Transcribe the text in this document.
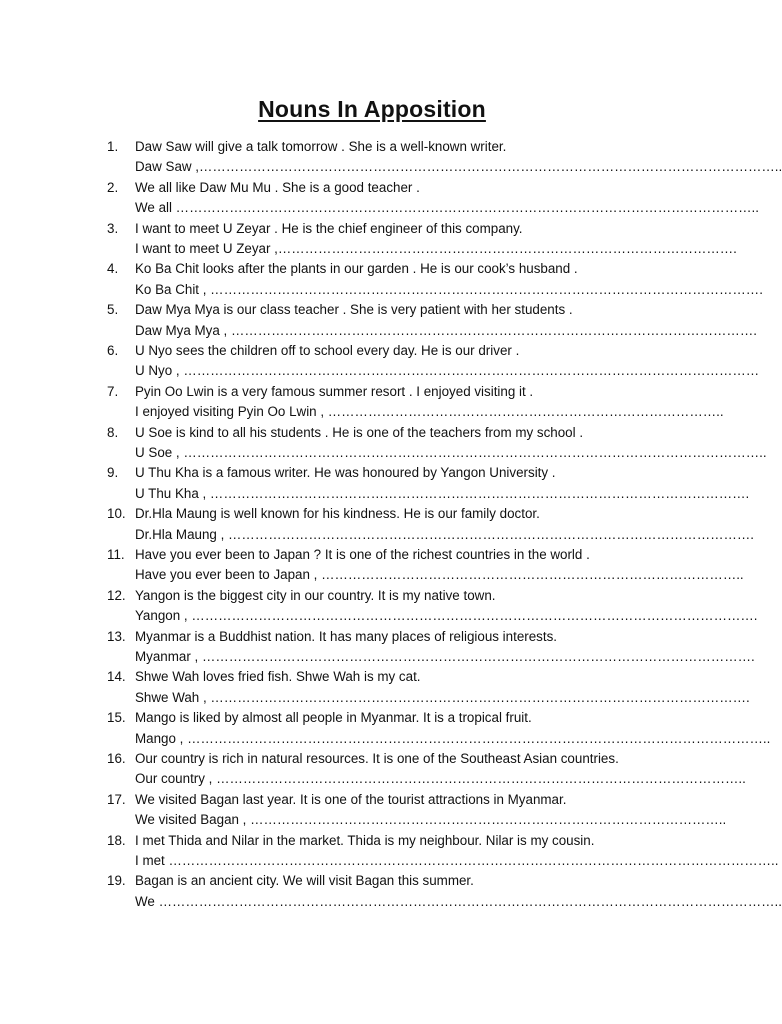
Nouns In Apposition
1.	Daw Saw will give a talk tomorrow . She is a well-known writer.
Daw Saw ,…………………………………………………………………………………………………………………..
2.	We all like Daw Mu Mu . She is a good teacher .
We all …………………………………………………………………………………………………………………..
3.	I want to meet U Zeyar . He is the chief engineer of this company.
I want to meet U Zeyar ,………………………………………………………………………………………….
4.	Ko Ba Chit looks after the plants in our garden . He is our cook’s husband .
Ko Ba Chit , …………………………………………………………………………………………………………….
5.	Daw Mya Mya is our class teacher . She is very patient with her students .
Daw Mya Mya , ……………………………………………………………………………………………………….
6.	U Nyo sees the children off to school every day. He is our driver .
U Nyo , …………………………………………………………………………………………………………………
7.	Pyin Oo Lwin is a very famous summer resort . I enjoyed visiting it .
I enjoyed visiting Pyin Oo Lwin , ……………………………………………………………………………..
8.	U Soe is kind to all his students . He is one of the teachers from my school .
U Soe , …………………………………………………………………………………………………………………..
9.	U Thu Kha is a famous writer. He was honoured by Yangon University .
U Thu Kha , ………………………………………………………………………………………………………….
10. Dr.Hla Maung is well known for his kindness. He is our family doctor.
Dr.Hla Maung , ……………………………………………………………………………………………………….
11. Have you ever been to Japan ? It is one of the richest countries in the world .
Have you ever been to Japan , …………………………………………………………………………………..
12. Yangon is the biggest city in our country. It is my native town.
Yangon , ……………………………………………………………………………………………………………….
13. Myanmar is a Buddhist nation. It has many places of religious interests.
Myanmar , …………………………………………………………………………………………………………….
14. Shwe Wah loves fried fish. Shwe Wah is my cat.
Shwe Wah , ………………………………………………………………………………………………………….
15. Mango is liked by almost all people in Myanmar. It is a tropical fruit.
Mango , …………………………………………………………………………………………………………………..
16. Our country is rich in natural resources. It is one of the Southeast Asian countries.
Our country , ………………………………………………………………………………………………………..
17. We visited Bagan last year. It is one of the tourist attractions in Myanmar.
We visited Bagan , ……………………………………………………………………………………………..
18. I met Thida and Nilar in the market. Thida is my neighbour. Nilar is my cousin.
I met ………………………………………………………………………………………………………………………..
19. Bagan is an ancient city. We will visit Bagan this summer.
We …………………………………………………………………………………………………………………………..
